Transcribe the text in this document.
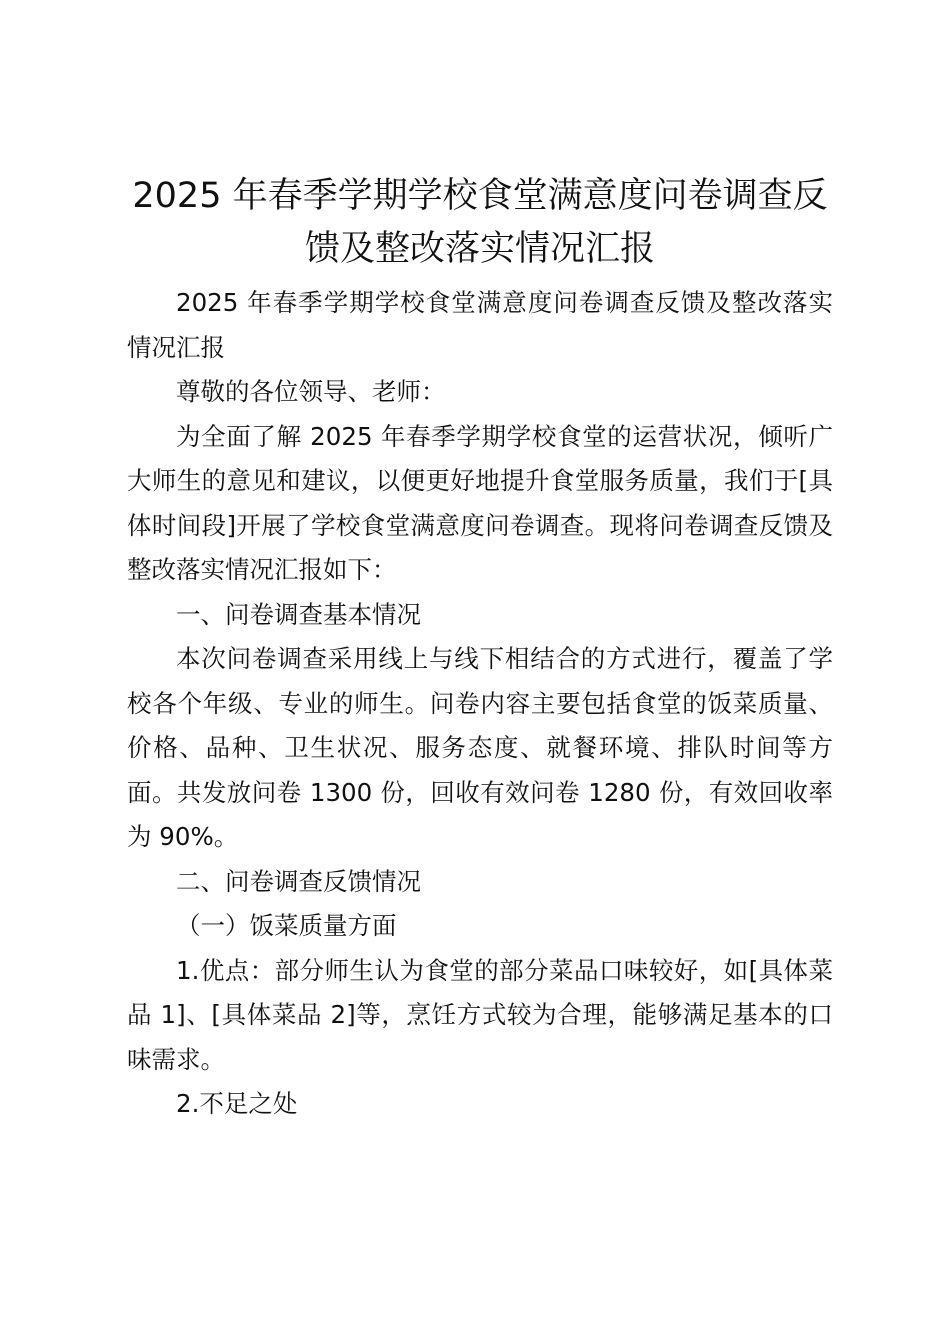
2025 年春季学期学校食堂满意度问卷调查反馈及整改落实情况汇报

2025 年春季学期学校食堂满意度问卷调查反馈及整改落实情况汇报

尊敬的各位领导、老师：

为全面了解 2025 年春季学期学校食堂的运营状况，倾听广大师生的意见和建议，以便更好地提升食堂服务质量，我们于[具体时间段]开展了学校食堂满意度问卷调查。现将问卷调查反馈及整改落实情况汇报如下：

一、问卷调查基本情况

本次问卷调查采用线上与线下相结合的方式进行，覆盖了学校各个年级、专业的师生。问卷内容主要包括食堂的饭菜质量、价格、品种、卫生状况、服务态度、就餐环境、排队时间等方面。共发放问卷 1300 份，回收有效问卷 1280 份，有效回收率为 90%。

二、问卷调查反馈情况

（一）饭菜质量方面

1.优点：部分师生认为食堂的部分菜品口味较好，如[具体菜品 1]、[具体菜品 2]等，烹饪方式较为合理，能够满足基本的口味需求。

2.不足之处
